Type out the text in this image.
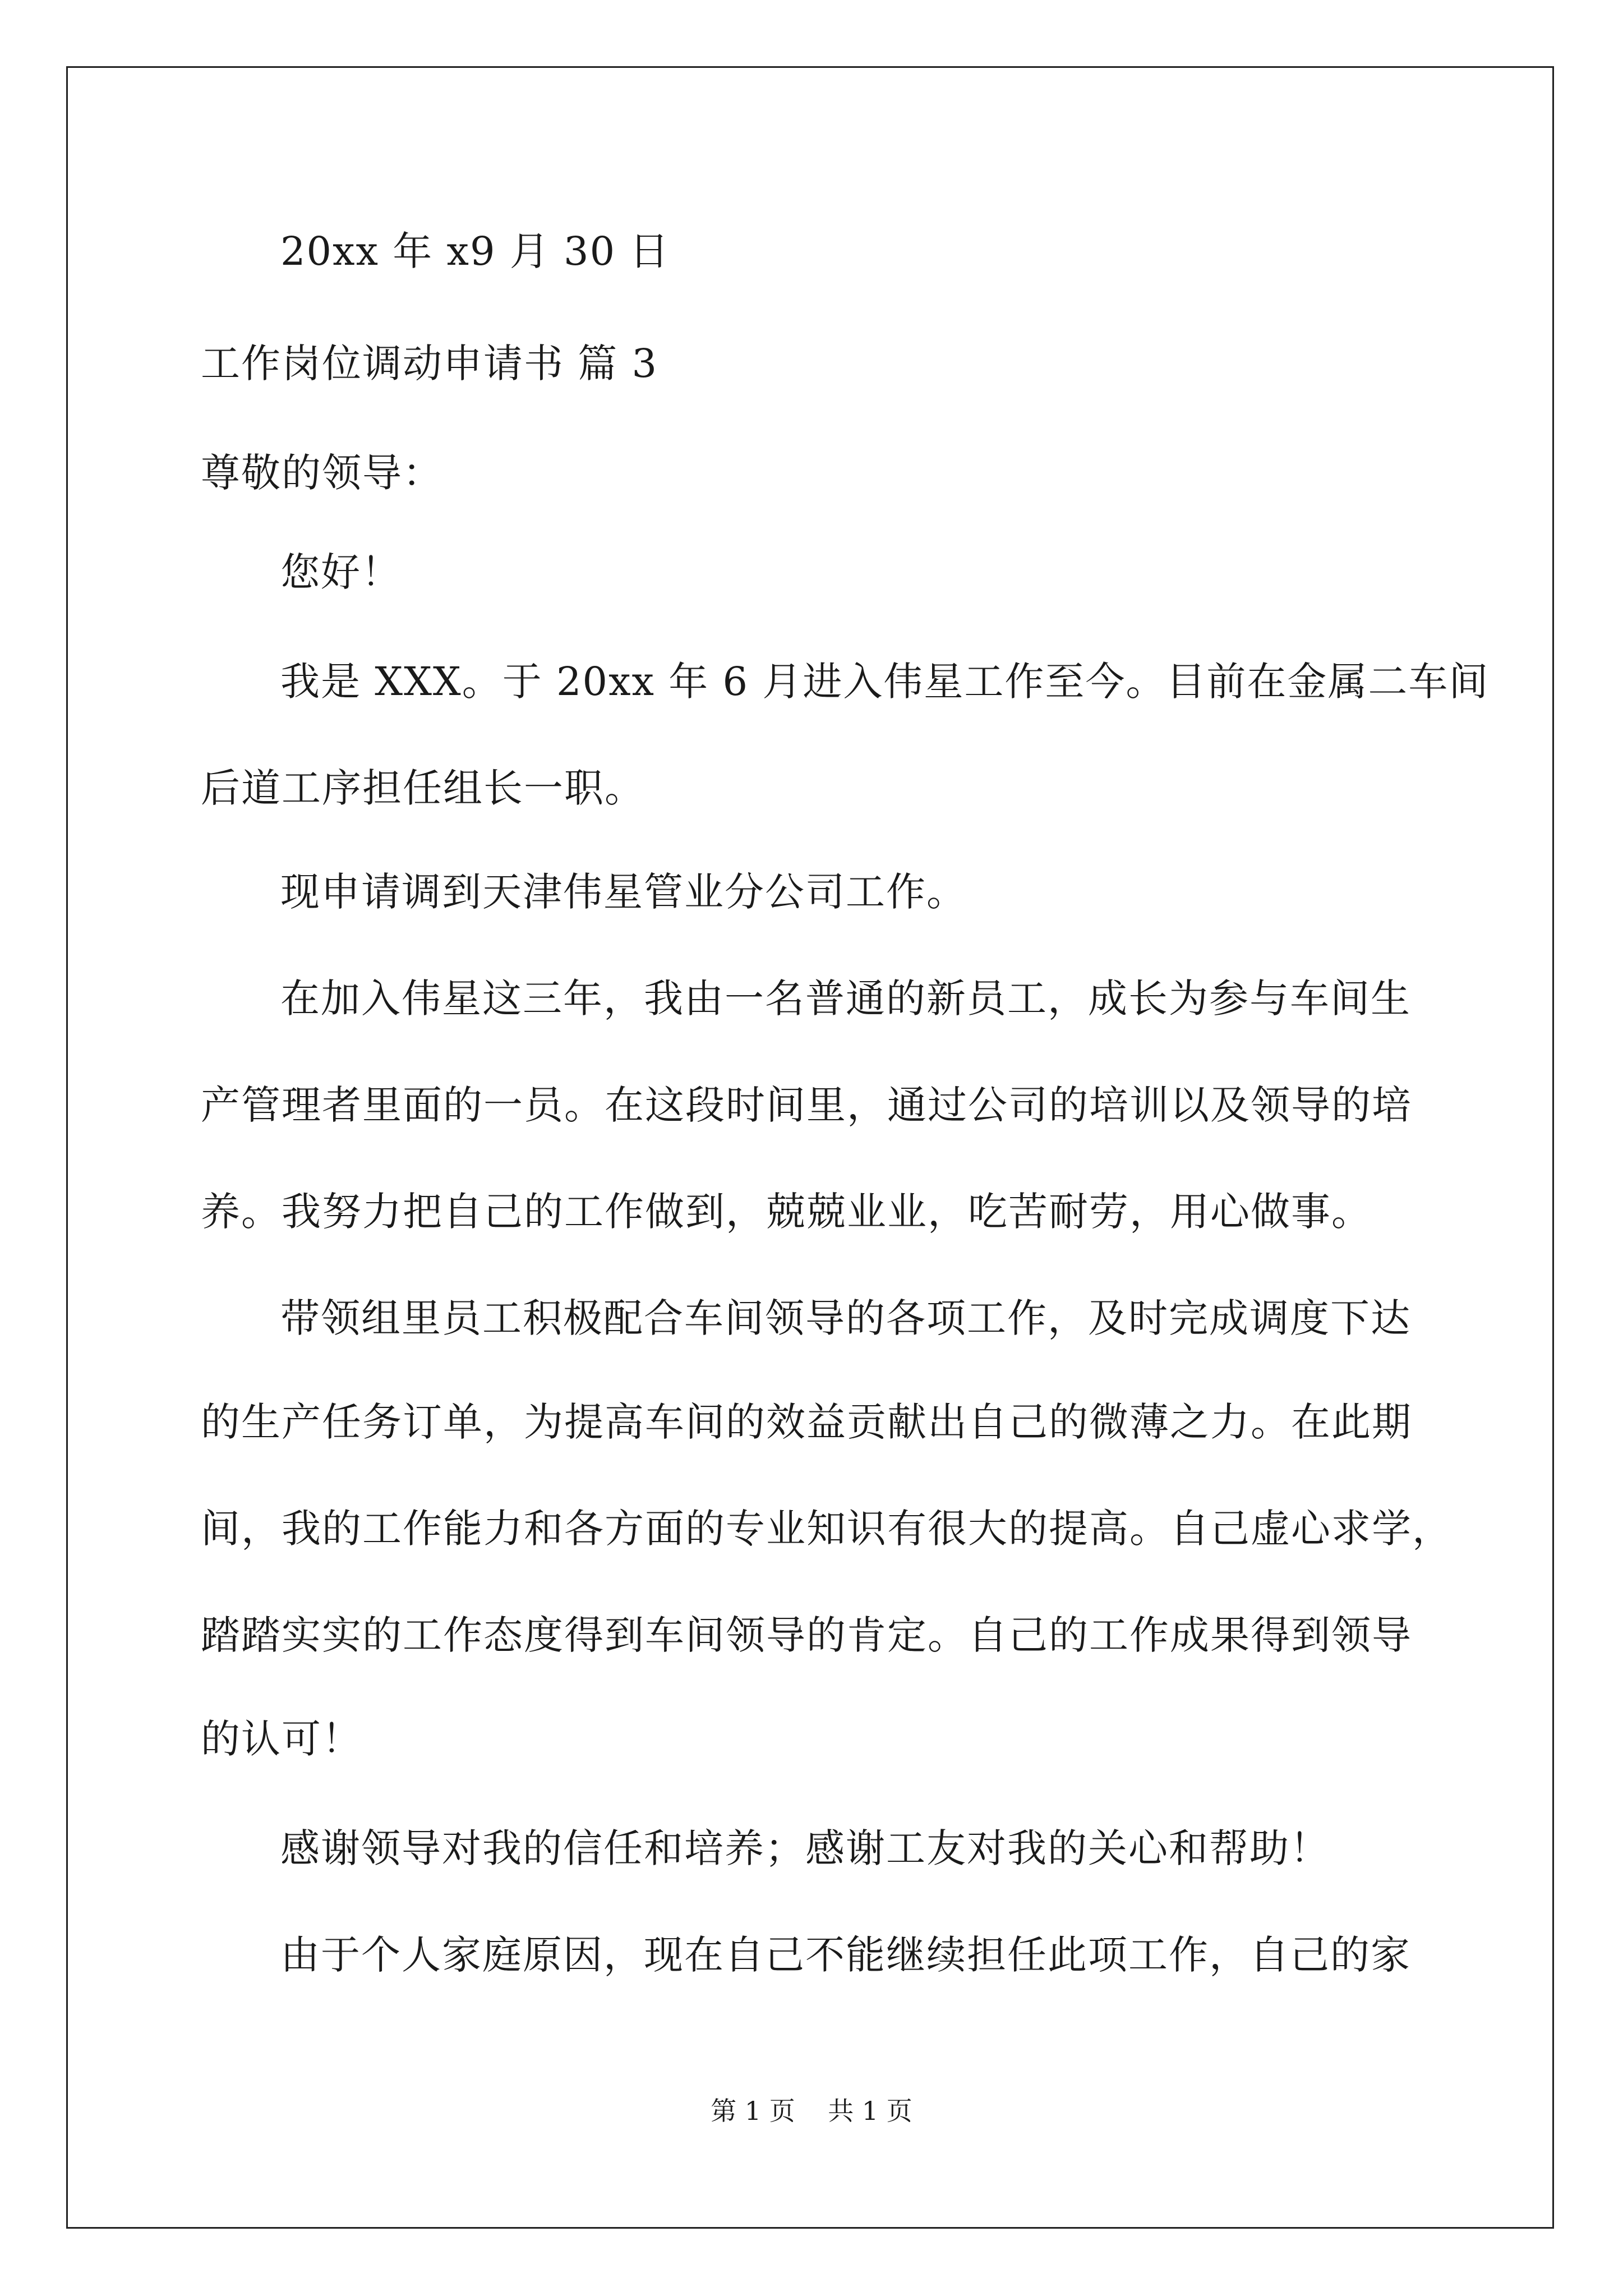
20xx 年 x9 月 30 日
工作岗位调动申请书 篇 3
尊敬的领导：
您好！
我是 XXX。于 20xx 年 6 月进入伟星工作至今。目前在金属二车间
后道工序担任组长一职。
现申请调到天津伟星管业分公司工作。
在加入伟星这三年，我由一名普通的新员工，成长为参与车间生
产管理者里面的一员。在这段时间里，通过公司的培训以及领导的培
养。我努力把自己的工作做到，兢兢业业，吃苦耐劳，用心做事。
带领组里员工积极配合车间领导的各项工作，及时完成调度下达
的生产任务订单，为提高车间的效益贡献出自己的微薄之力。在此期
间，我的工作能力和各方面的专业知识有很大的提高。自己虚心求学，
踏踏实实的工作态度得到车间领导的肯定。自己的工作成果得到领导
的认可！
感谢领导对我的信任和培养；感谢工友对我的关心和帮助！
由于个人家庭原因，现在自己不能继续担任此项工作，自己的家
第 1 页    共 1 页
